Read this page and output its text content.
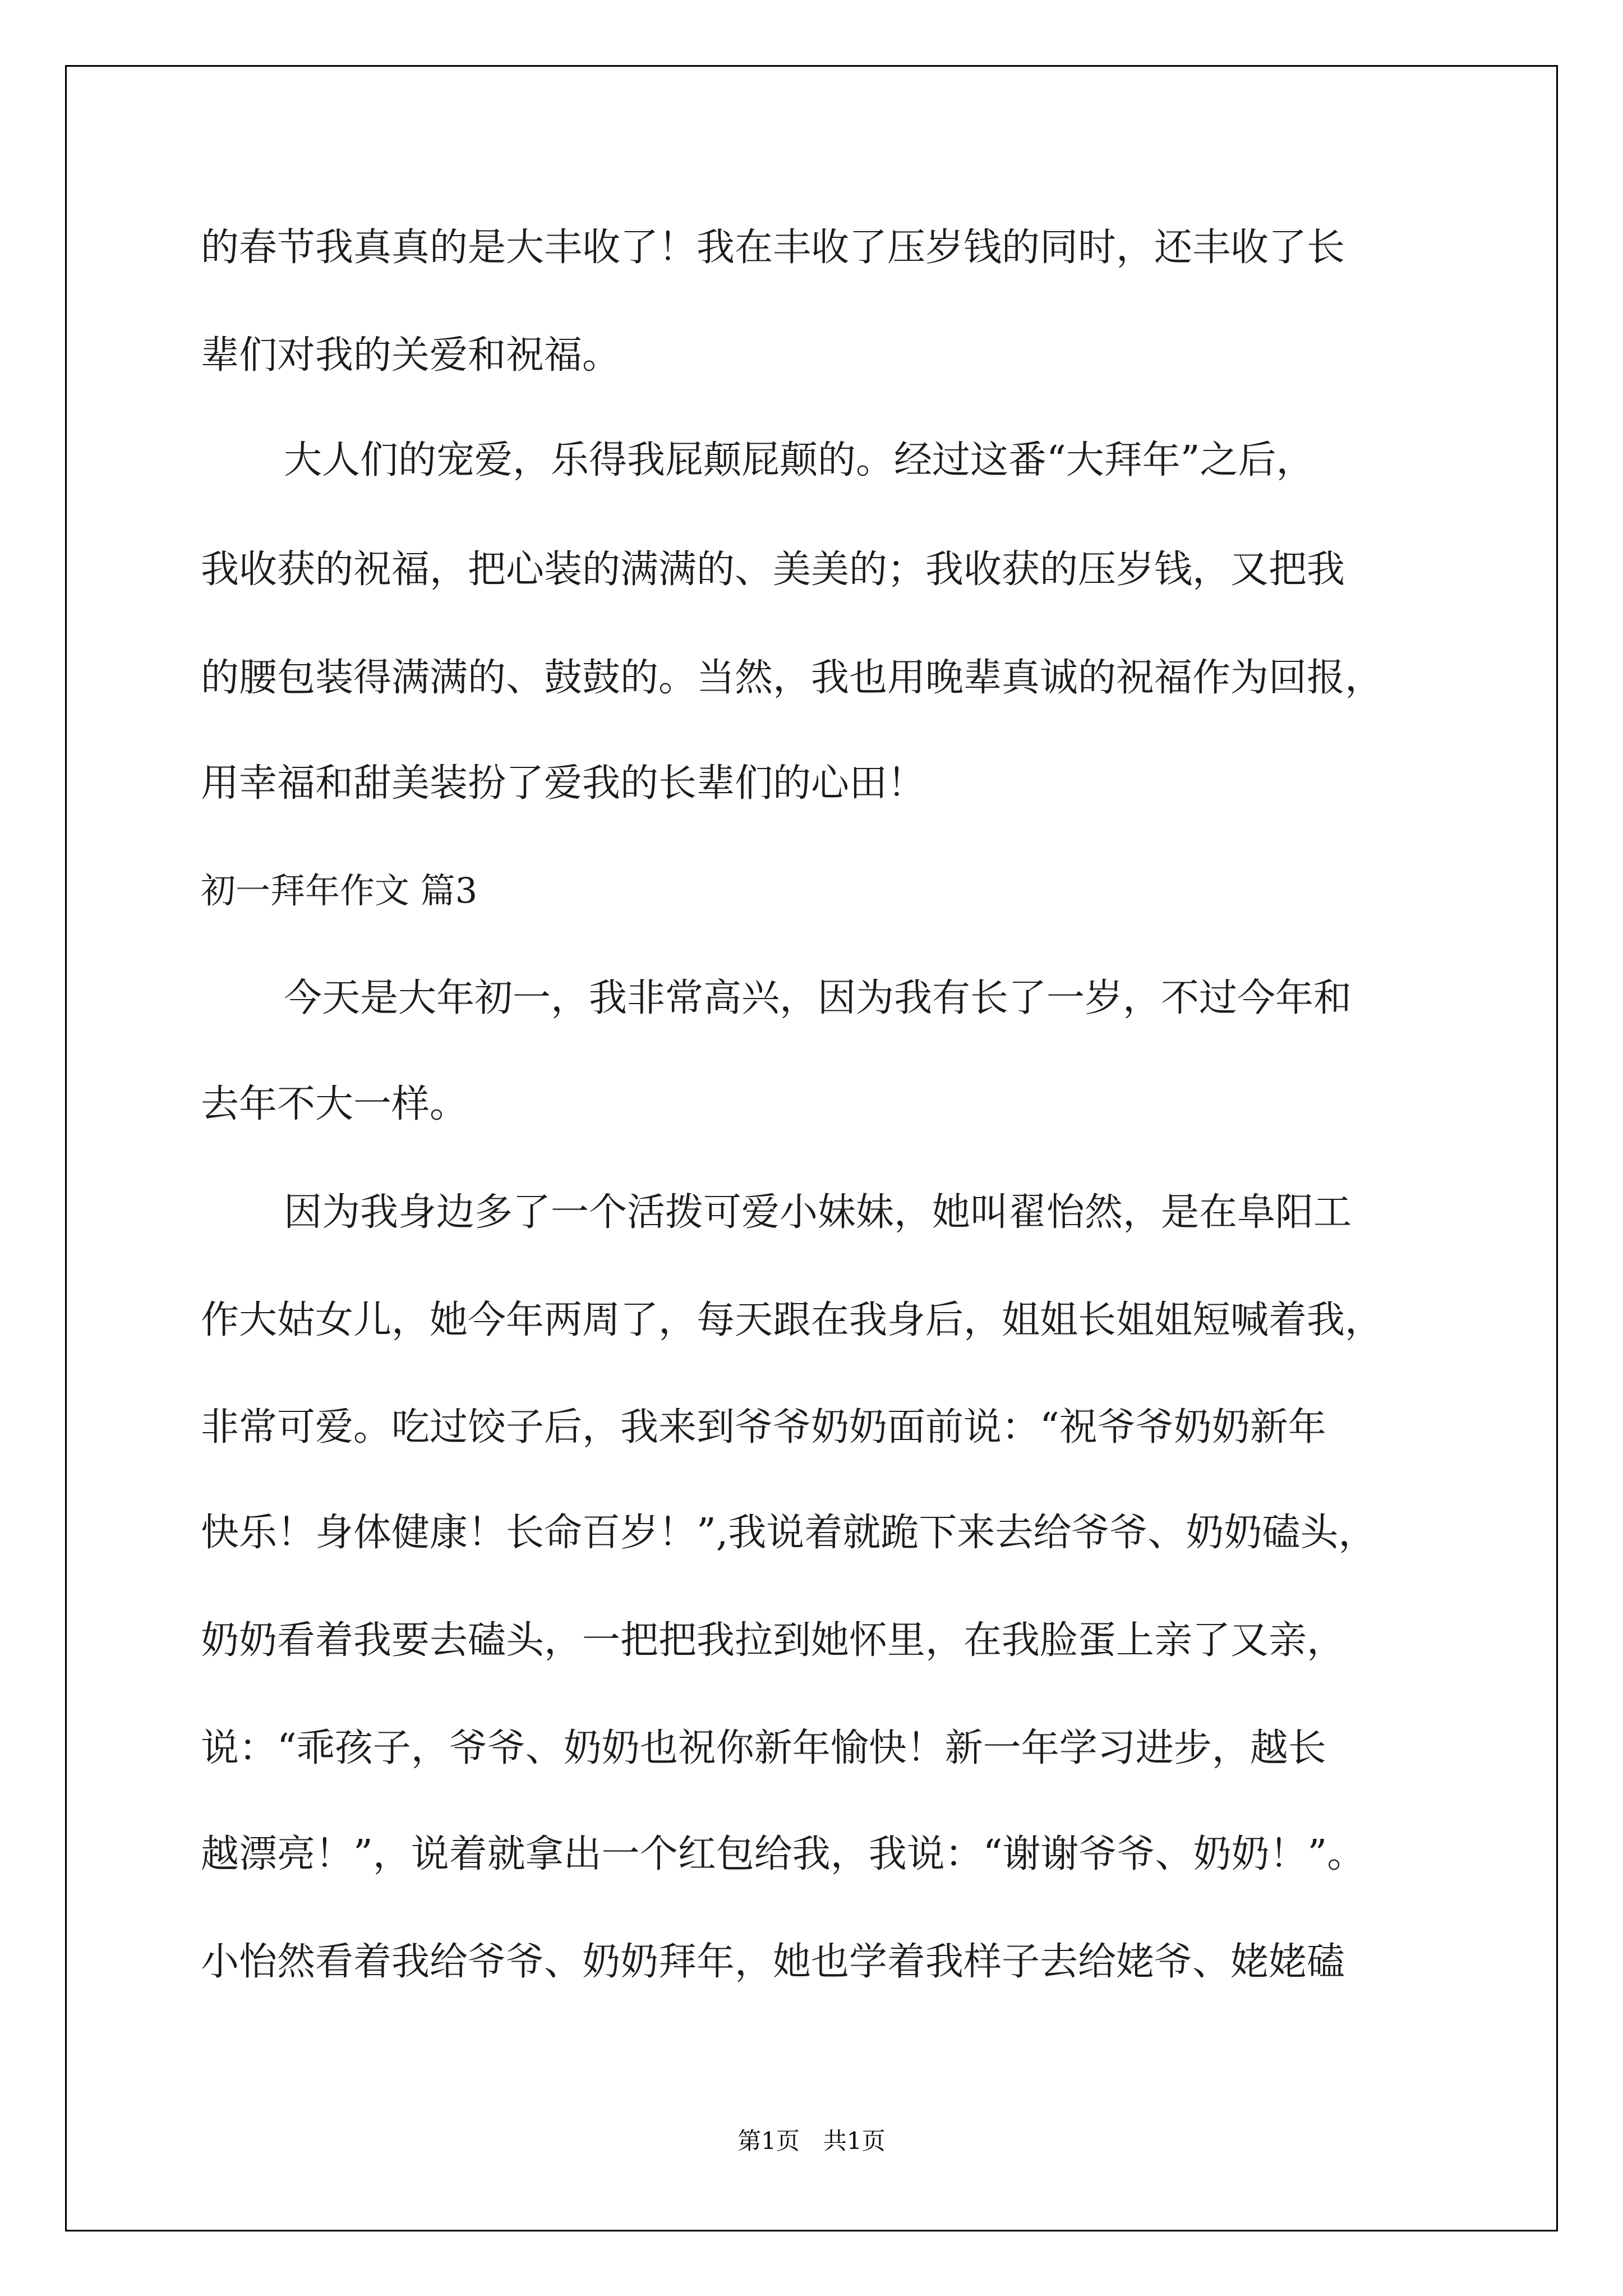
的春节我真真的是大丰收了！我在丰收了压岁钱的同时，还丰收了长

辈们对我的关爱和祝福。

大人们的宠爱，乐得我屁颠屁颠的。经过这番“大拜年”之后，

我收获的祝福，把心装的满满的、美美的；我收获的压岁钱，又把我

的腰包装得满满的、鼓鼓的。当然，我也用晚辈真诚的祝福作为回报，

用幸福和甜美装扮了爱我的长辈们的心田！

初一拜年作文 篇3

今天是大年初一，我非常高兴，因为我有长了一岁，不过今年和

去年不大一样。

因为我身边多了一个活拨可爱小妹妹，她叫翟怡然，是在阜阳工

作大姑女儿，她今年两周了，每天跟在我身后，姐姐长姐姐短喊着我，

非常可爱。吃过饺子后，我来到爷爷奶奶面前说：“祝爷爷奶奶新年

快乐！身体健康！长命百岁！”,我说着就跪下来去给爷爷、奶奶磕头，

奶奶看着我要去磕头，一把把我拉到她怀里，在我脸蛋上亲了又亲，

说：“乖孩子，爷爷、奶奶也祝你新年愉快！新一年学习进步，越长

越漂亮！”，说着就拿出一个红包给我，我说：“谢谢爷爷、奶奶！”。

小怡然看着我给爷爷、奶奶拜年，她也学着我样子去给姥爷、姥姥磕

第1页　共1页
